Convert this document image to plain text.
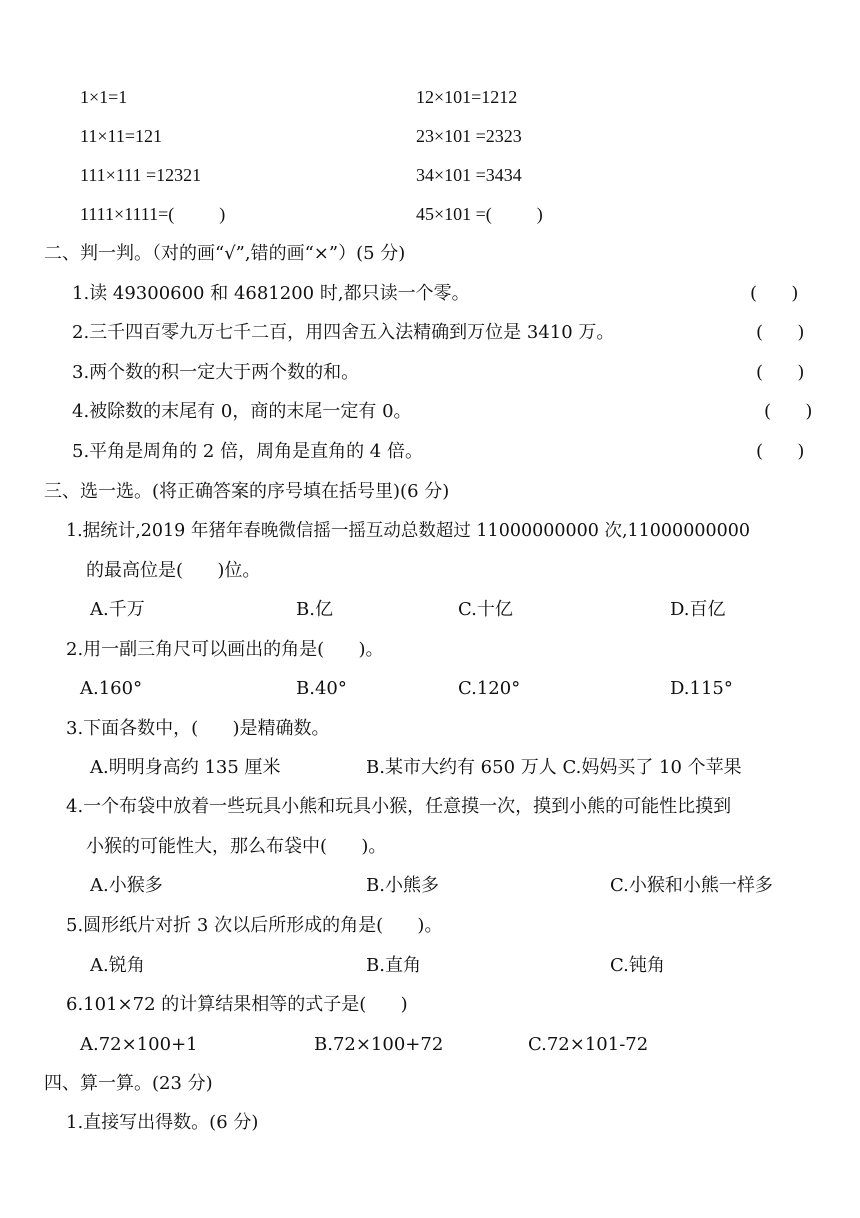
1×1=1	12×101=1212
11×11=121	23×101 =2323
111×111 =12321	34×101 =3434
1111×1111=(          )	45×101 =(          )
二、判一判。（对的画“√”,错的画“×”）(5 分)
1.读 49300600 和 4681200 时,都只读一个零。	(      )
2.三千四百零九万七千二百，用四舍五入法精确到万位是 3410 万。	(      )
3.两个数的积一定大于两个数的和。	(      )
4.被除数的末尾有 0，商的末尾一定有 0。	(      )
5.平角是周角的 2 倍，周角是直角的 4 倍。	(      )
三、选一选。(将正确答案的序号填在括号里)(6 分)
1.据统计,2019 年猪年春晚微信摇一摇互动总数超过 11000000000 次,11000000000
的最高位是(      )位。
A.千万	B.亿	C.十亿	D.百亿
2.用一副三角尺可以画出的角是(      )。
A.160°	B.40°	C.120°	D.115°
3.下面各数中，(      )是精确数。
A.明明身高约 135 厘米	B.某市大约有 650 万人 C.妈妈买了 10 个苹果
4.一个布袋中放着一些玩具小熊和玩具小猴，任意摸一次，摸到小熊的可能性比摸到
小猴的可能性大，那么布袋中(      )。
A.小猴多	B.小熊多	C.小猴和小熊一样多
5.圆形纸片对折 3 次以后所形成的角是(      )。
A.锐角	B.直角	C.钝角
6.101×72 的计算结果相等的式子是(      )
A.72×100+1	B.72×100+72	C.72×101-72
四、算一算。(23 分)
1.直接写出得数。(6 分)
